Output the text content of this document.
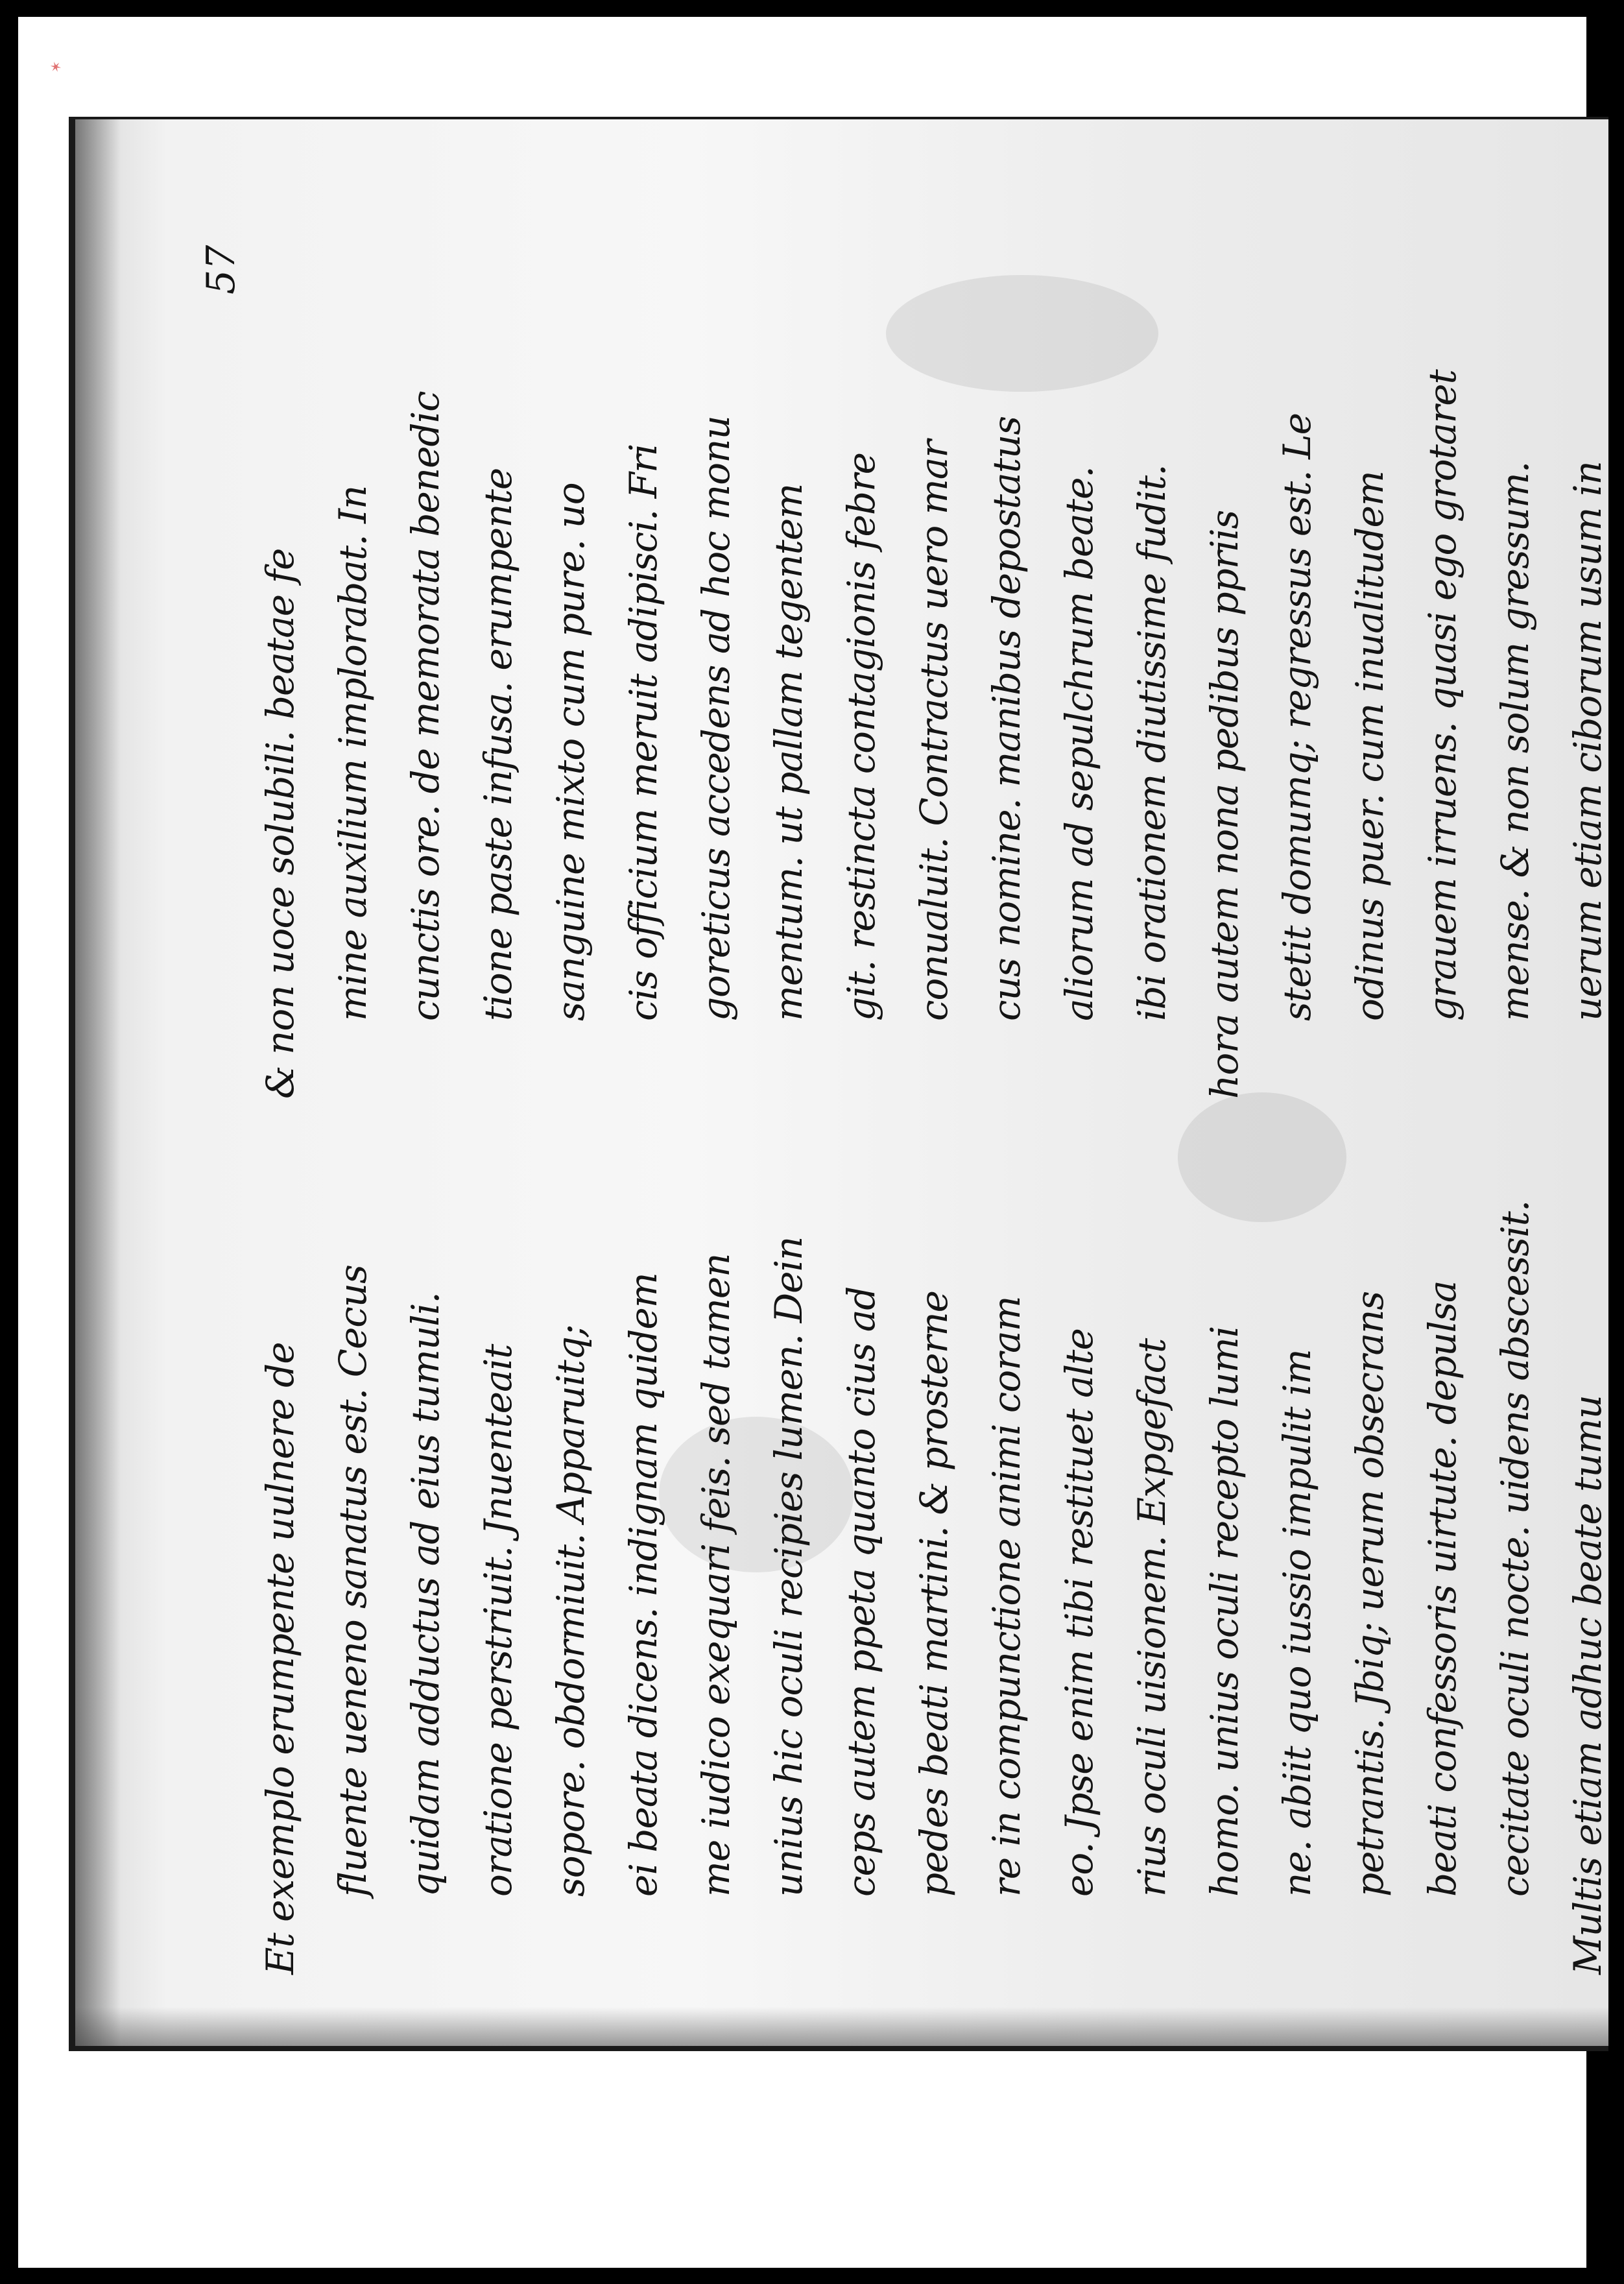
✶
57
Et exemplo erumpente uulnere de fluente ueneno sanatus est. Cecus quidam adductus ad eius tumuli. oratione perstriuit. Jnuenteait sopore. obdormiuit. Apparuitq; ei beata dicens. indignam quidem me iudico exequari feis. sed tamen unius hic oculi recipies lumen. Dein ceps autem ppeta quanto cius ad pedes beati martini. & prosterne re in compunctione animi coram eo. Jpse enim tibi restituet alte rius oculi uisionem. Expgefact homo. unius oculi recepto lumi ne. abiit quo iussio impulit im petrantis. Jbiq; uerum obsecrans beati confessoris uirtute. depulsa cecitate oculi nocte. uidens abscessit. Multis etiam adhuc beate tumu
& non uoce solubili. beatae fe mine auxilium implorabat. In cunctis ore. de memorata benedic tione paste infusa. erumpente sanguine mixto cum pure. uo cis officium meruit adipisci. Fri goreticus accedens ad hoc monu mentum. ut pallam tegentem git. restincta contagionis febre conualuit. Contractus uero mar cus nomine. manibus depostatus aliorum ad sepulchrum beate. ibi orationem diutissime fudit. hora autem nona pedibus ppriis stetit domumq; regressus est. Le odinus puer. cum inualitudem grauem irruens. quasi ego grotaret mense. & non solum gressum. uerum etiam ciborum usum in
